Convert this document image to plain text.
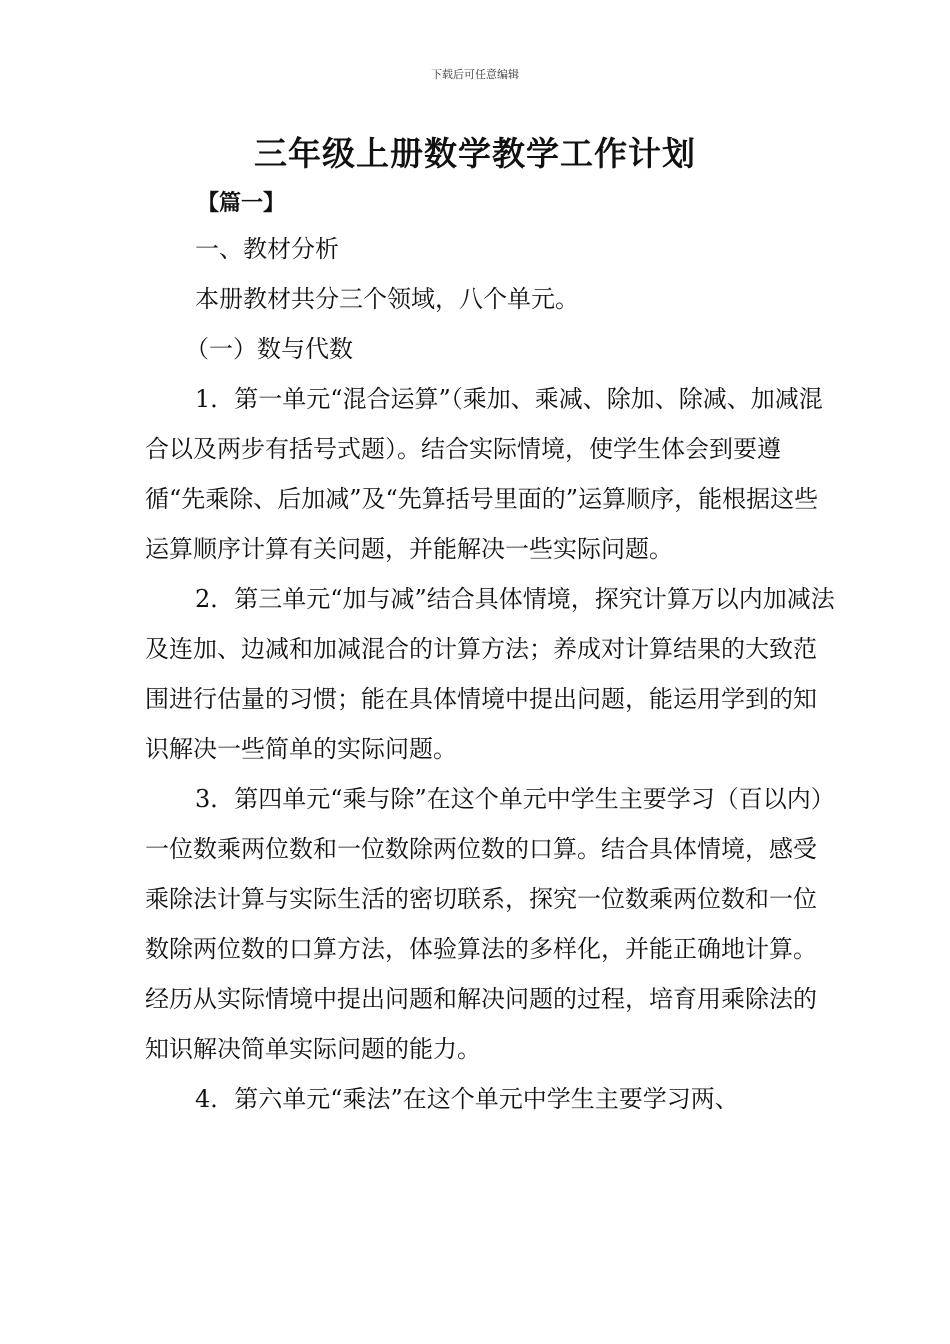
下载后可任意编辑
三年级上册数学教学工作计划
【篇一】

一、教材分析

本册教材共分三个领域，八个单元。

（一）数与代数

1．第一单元“混合运算”（乘加、乘减、除加、除减、加减混合以及两步有括号式题）。结合实际情境，使学生体会到要遵循“先乘除、后加减”及“先算括号里面的”运算顺序，能根据这些运算顺序计算有关问题，并能解决一些实际问题。

2．第三单元“加与减”结合具体情境，探究计算万以内加减法及连加、边减和加减混合的计算方法；养成对计算结果的大致范围进行估量的习惯；能在具体情境中提出问题，能运用学到的知识解决一些简单的实际问题。

3．第四单元“乘与除”在这个单元中学生主要学习（百以内）一位数乘两位数和一位数除两位数的口算。结合具体情境，感受乘除法计算与实际生活的密切联系，探究一位数乘两位数和一位数除两位数的口算方法，体验算法的多样化，并能正确地计算。经历从实际情境中提出问题和解决问题的过程，培育用乘除法的知识解决简单实际问题的能力。

4．第六单元“乘法”在这个单元中学生主要学习两、
